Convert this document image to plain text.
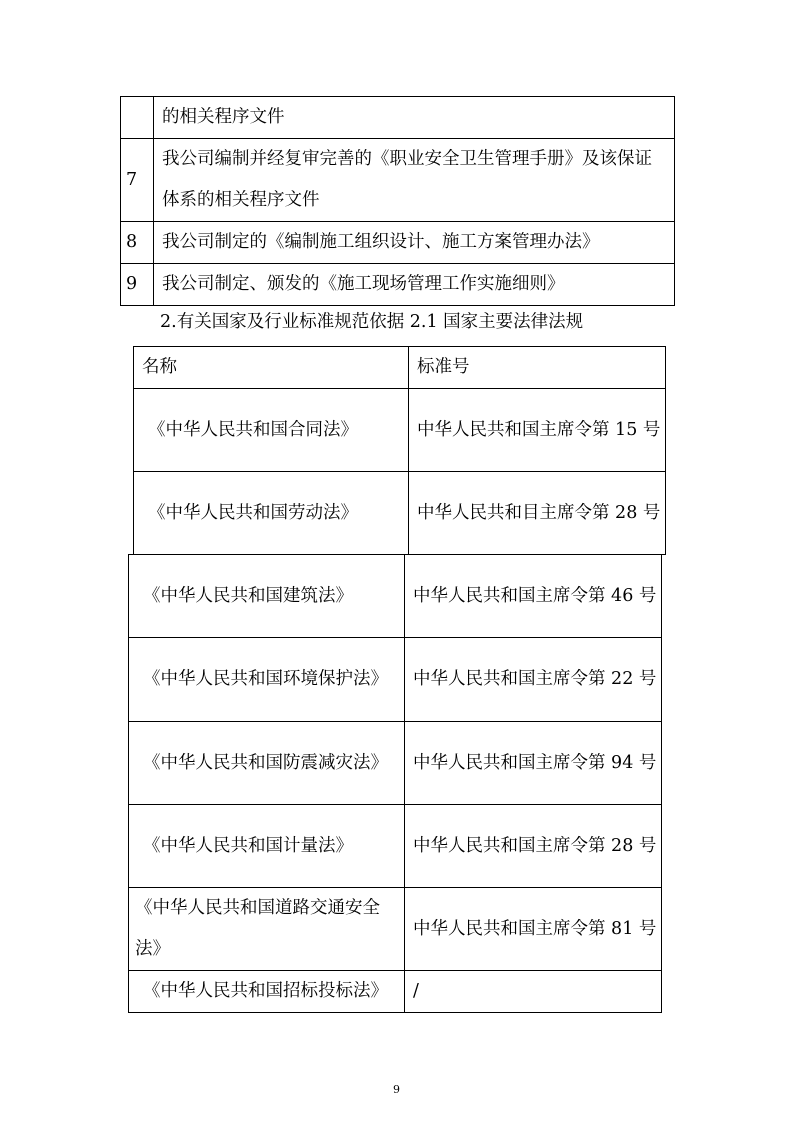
	的相关程序文件
7	我公司编制并经复审完善的《职业安全卫生管理手册》及该保证体系的相关程序文件
8	我公司制定的《编制施工组织设计、施工方案管理办法》
9	我公司制定、颁发的《施工现场管理工作实施细则》
2.有关国家及行业标准规范依据 2.1 国家主要法律法规
名称	标准号
《中华人民共和国合同法》	中华人民共和国主席令第 15 号
《中华人民共和国劳动法》	中华人民共和目主席令第 28 号
《中华人民共和国建筑法》	中华人民共和国主席令第 46 号
《中华人民共和国环境保护法》	中华人民共和国主席令第 22 号
《中华人民共和国防震减灾法》	中华人民共和国主席令第 94 号
《中华人民共和国计量法》	中华人民共和国主席令第 28 号
《中华人民共和国道路交通安全法》	中华人民共和国主席令第 81 号
《中华人民共和国招标投标法》	/
9
